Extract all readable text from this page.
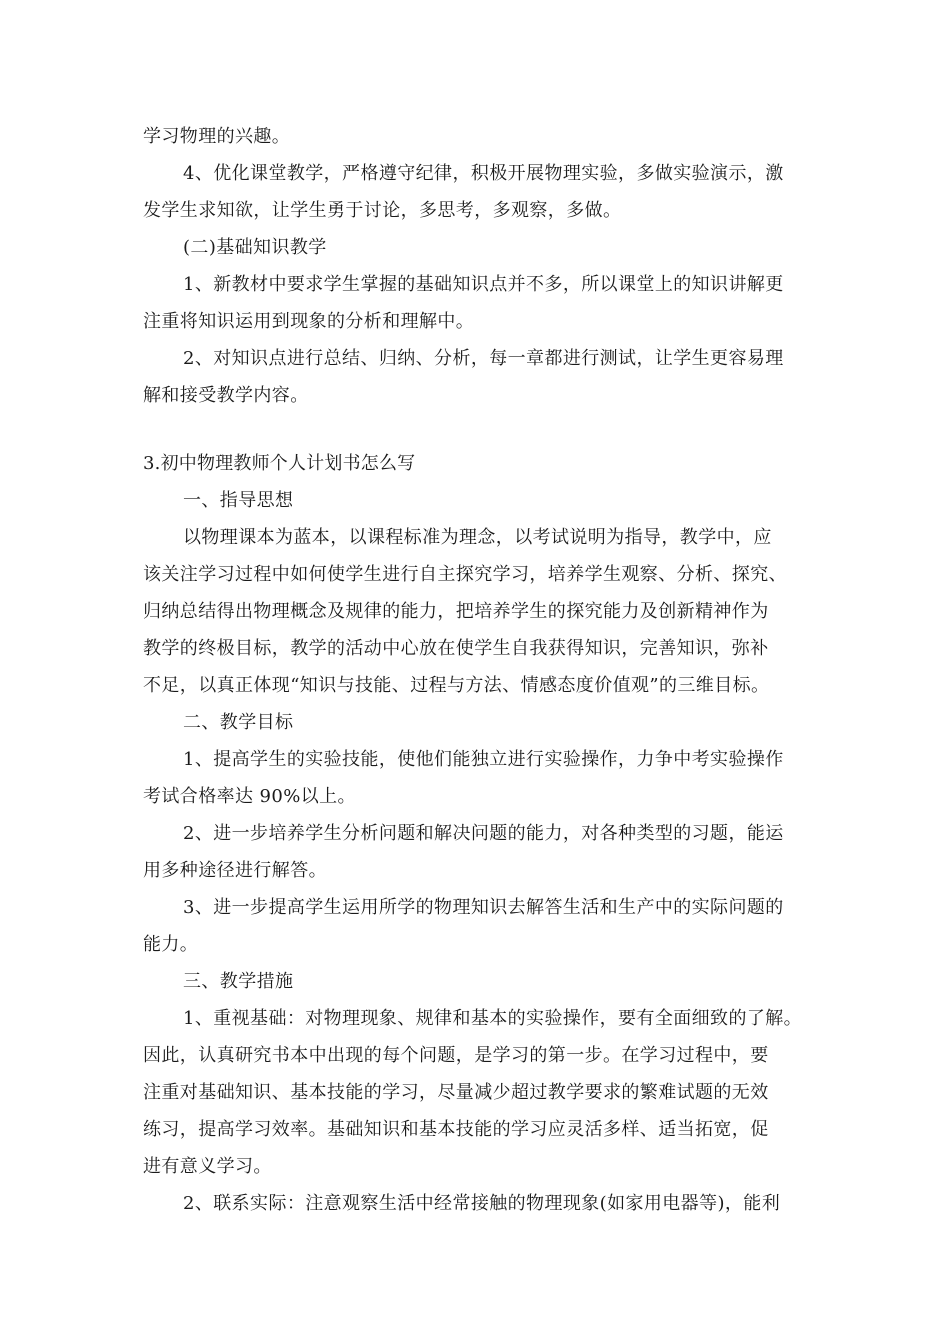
学习物理的兴趣。
4、优化课堂教学，严格遵守纪律，积极开展物理实验，多做实验演示，激
发学生求知欲，让学生勇于讨论，多思考，多观察，多做。
(二)基础知识教学
1、新教材中要求学生掌握的基础知识点并不多，所以课堂上的知识讲解更
注重将知识运用到现象的分析和理解中。
2、对知识点进行总结、归纳、分析，每一章都进行测试，让学生更容易理
解和接受教学内容。
3.初中物理教师个人计划书怎么写
一、指导思想
以物理课本为蓝本，以课程标准为理念，以考试说明为指导，教学中，应
该关注学习过程中如何使学生进行自主探究学习，培养学生观察、分析、探究、
归纳总结得出物理概念及规律的能力，把培养学生的探究能力及创新精神作为
教学的终极目标，教学的活动中心放在使学生自我获得知识，完善知识，弥补
不足，以真正体现“知识与技能、过程与方法、情感态度价值观”的三维目标。
二、教学目标
1、提高学生的实验技能，使他们能独立进行实验操作，力争中考实验操作
考试合格率达 90%以上。
2、进一步培养学生分析问题和解决问题的能力，对各种类型的习题，能运
用多种途径进行解答。
3、进一步提高学生运用所学的物理知识去解答生活和生产中的实际问题的
能力。
三、教学措施
1、重视基础：对物理现象、规律和基本的实验操作，要有全面细致的了解。
因此，认真研究书本中出现的每个问题，是学习的第一步。在学习过程中，要
注重对基础知识、基本技能的学习，尽量减少超过教学要求的繁难试题的无效
练习，提高学习效率。基础知识和基本技能的学习应灵活多样、适当拓宽，促
进有意义学习。
2、联系实际：注意观察生活中经常接触的物理现象(如家用电器等)，能利
